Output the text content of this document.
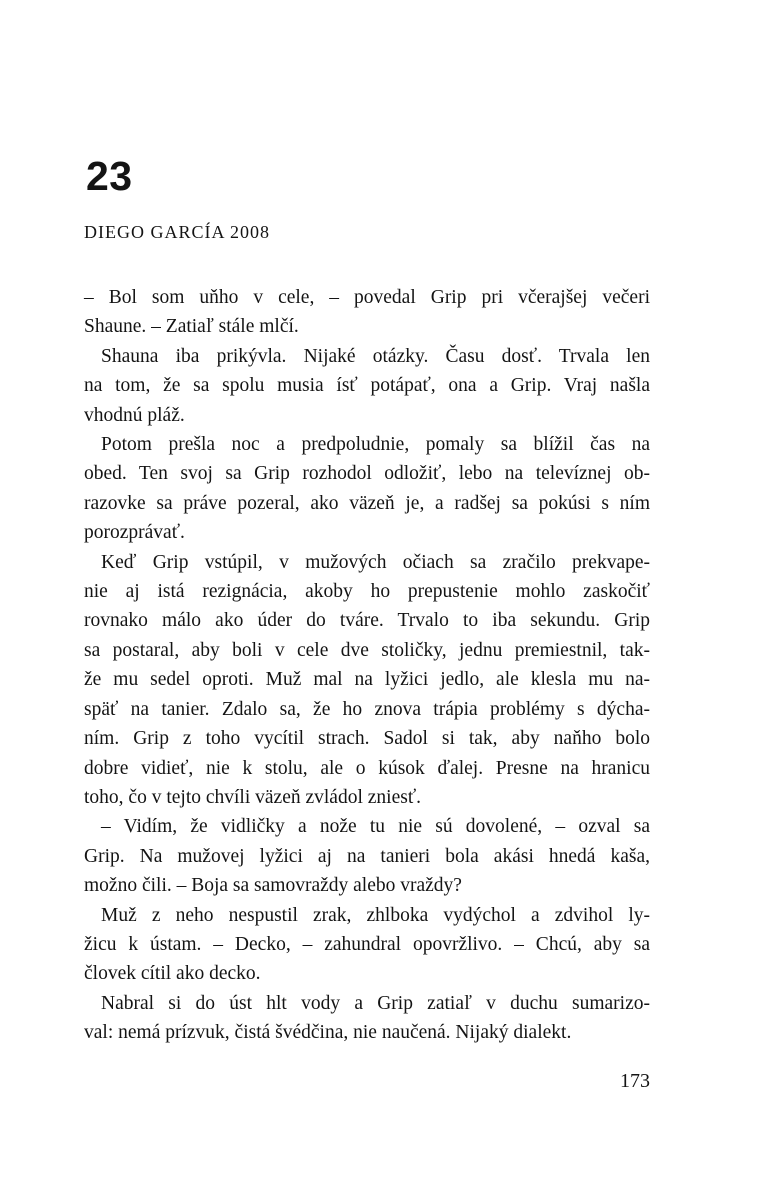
23
DIEGO GARCÍA 2008
– Bol som uňho v cele, – povedal Grip pri včerajšej večeri
Shaune. – Zatiaľ stále mlčí.
Shauna iba prikývla. Nijaké otázky. Času dosť. Trvala len
na tom, že sa spolu musia ísť potápať, ona a Grip. Vraj našla
vhodnú pláž.
Potom prešla noc a predpoludnie, pomaly sa blížil čas na
obed. Ten svoj sa Grip rozhodol odložiť, lebo na televíznej ob-
razovke sa práve pozeral, ako väzeň je, a radšej sa pokúsi s ním
porozprávať.
Keď Grip vstúpil, v mužových očiach sa zračilo prekvape-
nie aj istá rezignácia, akoby ho prepustenie mohlo zaskočiť
rovnako málo ako úder do tváre. Trvalo to iba sekundu. Grip
sa postaral, aby boli v cele dve stoličky, jednu premiestnil, tak-
že mu sedel oproti. Muž mal na lyžici jedlo, ale klesla mu na-
späť na tanier. Zdalo sa, že ho znova trápia problémy s dýcha-
ním. Grip z toho vycítil strach. Sadol si tak, aby naňho bolo
dobre vidieť, nie k stolu, ale o kúsok ďalej. Presne na hranicu
toho, čo v tejto chvíli väzeň zvládol zniesť.
– Vidím, že vidličky a nože tu nie sú dovolené, – ozval sa
Grip. Na mužovej lyžici aj na tanieri bola akási hnedá kaša,
možno čili. – Boja sa samovraždy alebo vraždy?
Muž z neho nespustil zrak, zhlboka vydýchol a zdvihol ly-
žicu k ústam. – Decko, – zahundral opovržlivo. – Chcú, aby sa
človek cítil ako decko.
Nabral si do úst hlt vody a Grip zatiaľ v duchu sumarizo-
val: nemá prízvuk, čistá švédčina, nie naučená. Nijaký dialekt.
173
